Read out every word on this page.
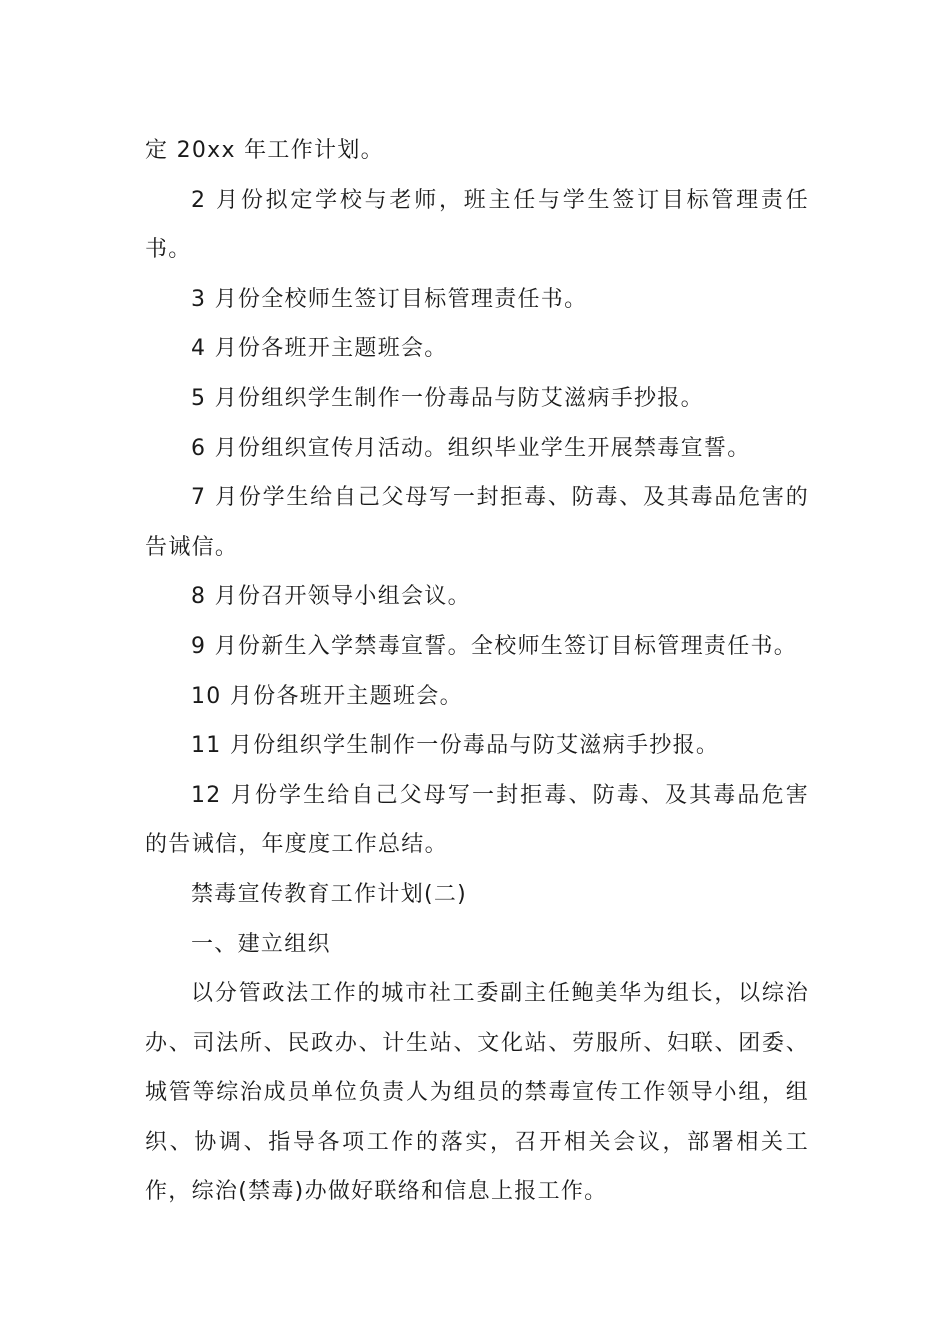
定 20xx 年工作计划。

2 月份拟定学校与老师，班主任与学生签订目标管理责任书。

3 月份全校师生签订目标管理责任书。

4 月份各班开主题班会。

5 月份组织学生制作一份毒品与防艾滋病手抄报。

6 月份组织宣传月活动。组织毕业学生开展禁毒宣誓。

7 月份学生给自己父母写一封拒毒、防毒、及其毒品危害的告诫信。

8 月份召开领导小组会议。

9 月份新生入学禁毒宣誓。全校师生签订目标管理责任书。

10 月份各班开主题班会。

11 月份组织学生制作一份毒品与防艾滋病手抄报。

12 月份学生给自己父母写一封拒毒、防毒、及其毒品危害的告诫信，年度度工作总结。

禁毒宣传教育工作计划(二)

一、建立组织

以分管政法工作的城市社工委副主任鲍美华为组长，以综治办、司法所、民政办、计生站、文化站、劳服所、妇联、团委、城管等综治成员单位负责人为组员的禁毒宣传工作领导小组，组织、协调、指导各项工作的落实，召开相关会议，部署相关工作，综治(禁毒)办做好联络和信息上报工作。
